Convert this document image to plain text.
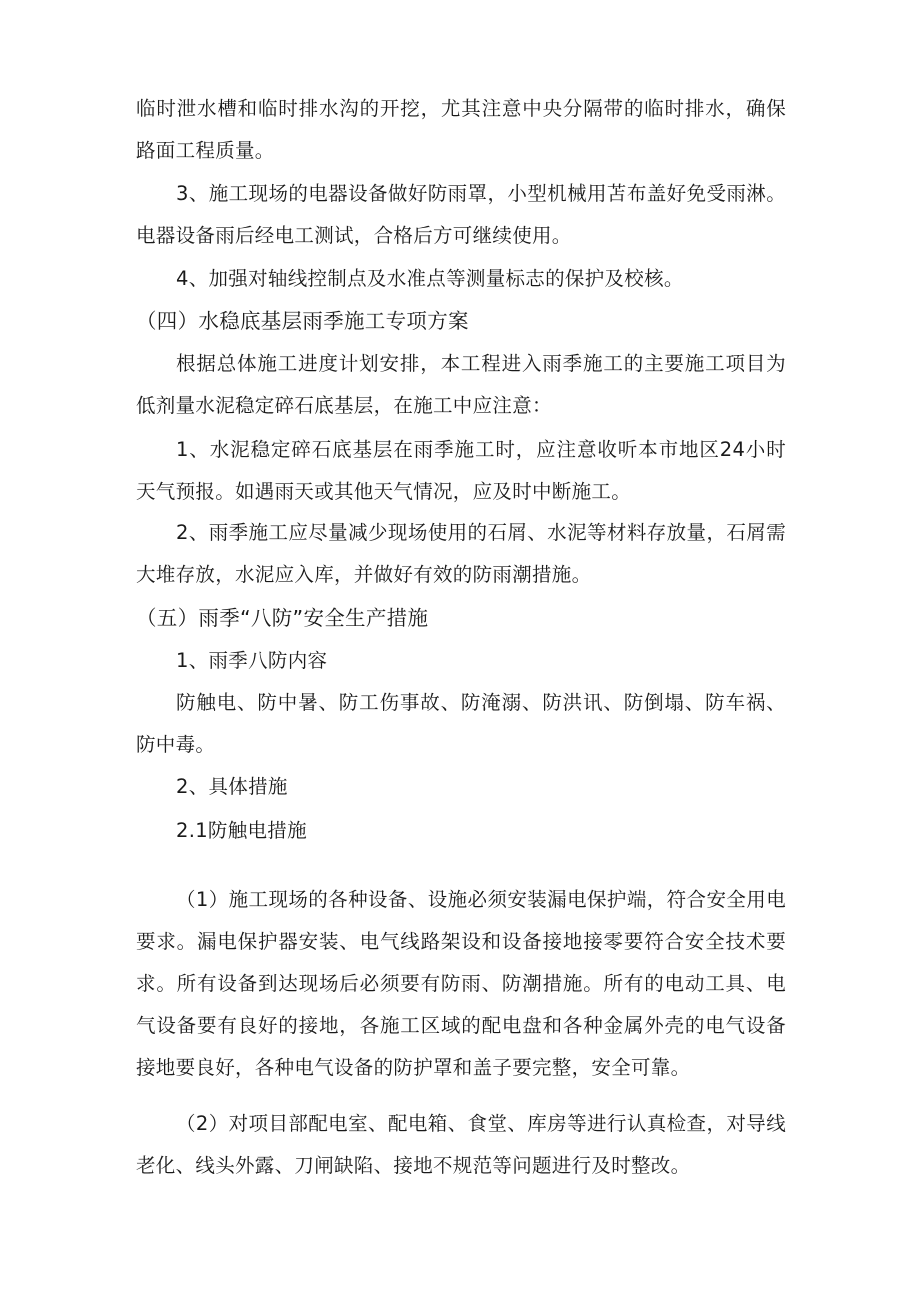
临时泄水槽和临时排水沟的开挖，尤其注意中央分隔带的临时排水，确保路面工程质量。

3、施工现场的电器设备做好防雨罩，小型机械用苫布盖好免受雨淋。电器设备雨后经电工测试，合格后方可继续使用。

4、加强对轴线控制点及水准点等测量标志的保护及校核。

（四）水稳底基层雨季施工专项方案

根据总体施工进度计划安排，本工程进入雨季施工的主要施工项目为低剂量水泥稳定碎石底基层，在施工中应注意：

1、水泥稳定碎石底基层在雨季施工时，应注意收听本市地区24小时天气预报。如遇雨天或其他天气情况，应及时中断施工。

2、雨季施工应尽量减少现场使用的石屑、水泥等材料存放量，石屑需大堆存放，水泥应入库，并做好有效的防雨潮措施。

（五）雨季“八防”安全生产措施

1、雨季八防内容

防触电、防中暑、防工伤事故、防淹溺、防洪讯、防倒塌、防车祸、防中毒。

2、具体措施

2.1防触电措施

（1）施工现场的各种设备、设施必须安装漏电保护端，符合安全用电要求。漏电保护器安装、电气线路架设和设备接地接零要符合安全技术要求。所有设备到达现场后必须要有防雨、防潮措施。所有的电动工具、电气设备要有良好的接地，各施工区域的配电盘和各种金属外壳的电气设备接地要良好，各种电气设备的防护罩和盖子要完整，安全可靠。

（2）对项目部配电室、配电箱、食堂、库房等进行认真检查，对导线老化、线头外露、刀闸缺陷、接地不规范等问题进行及时整改。
